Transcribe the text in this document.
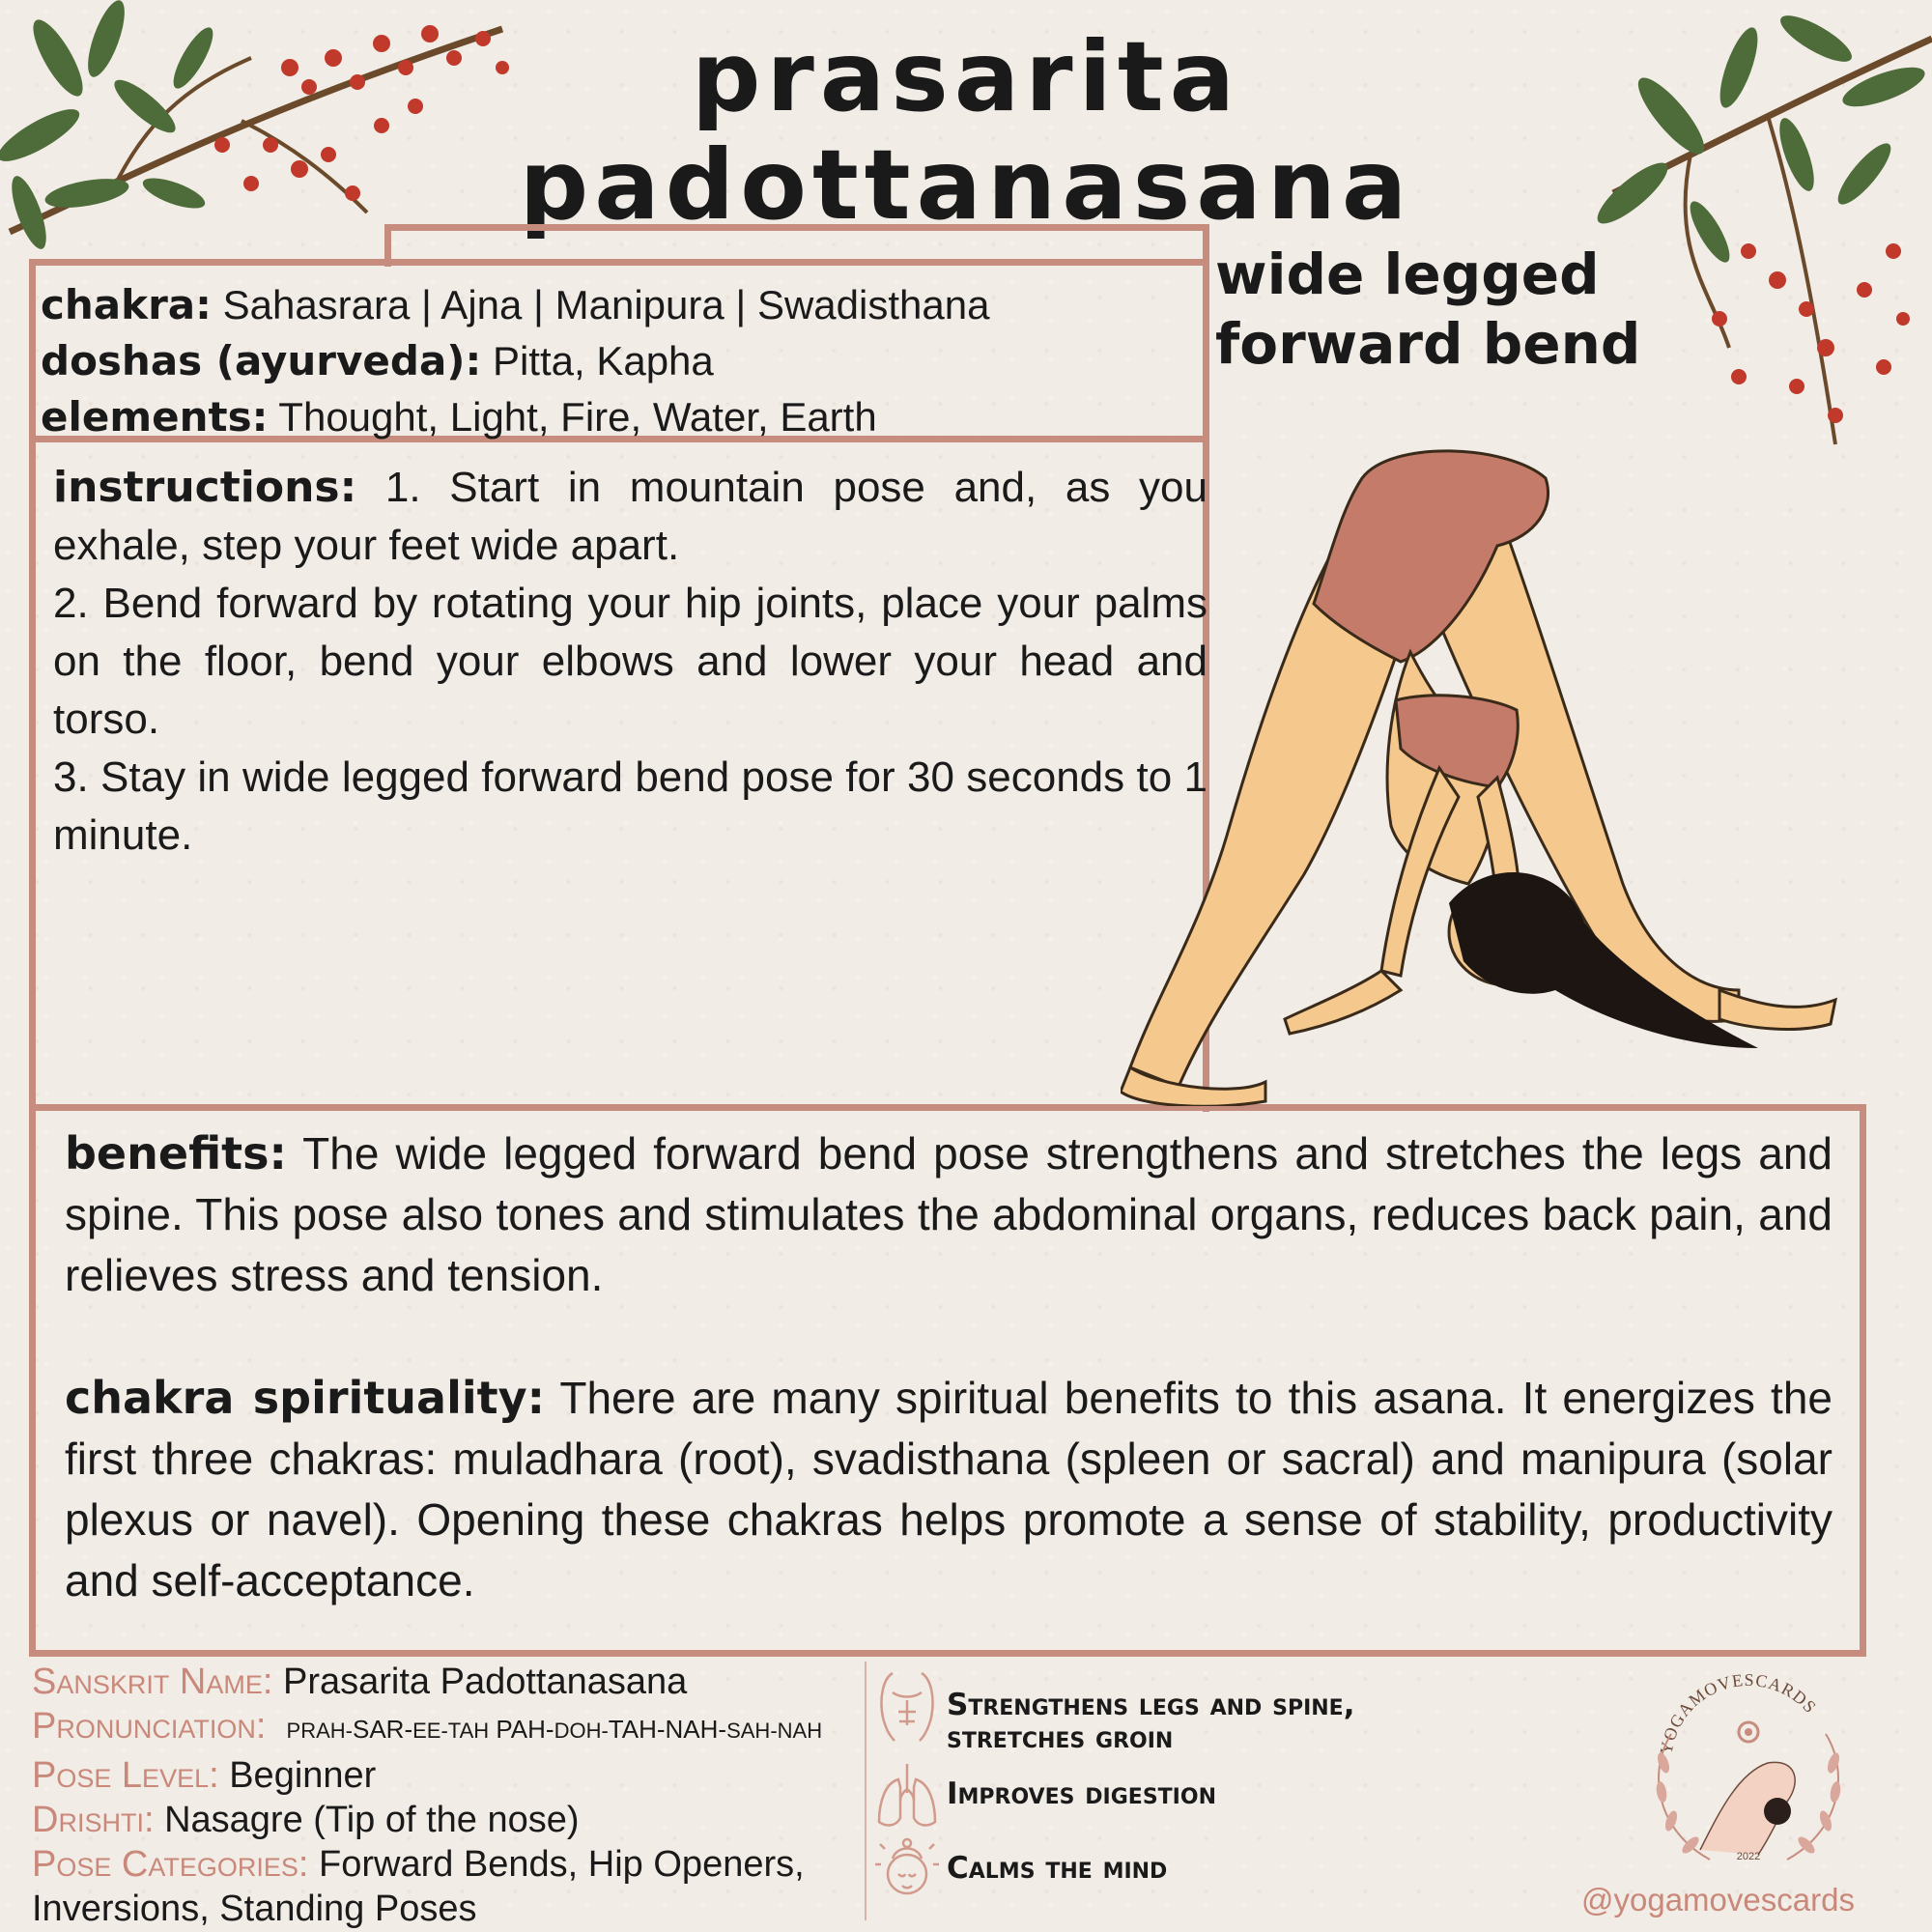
prasarita
padottanasana
wide legged
forward bend
chakra: Sahasrara | Ajna | Manipura | Swadisthana
doshas (ayurveda): Pitta, Kapha
elements: Thought, Light, Fire, Water, Earth
instructions: 1. Start in mountain pose and, as you exhale, step your feet wide apart.
2. Bend forward by rotating your hip joints, place your palms on the floor, bend your elbows and lower your head and torso.
3. Stay in wide legged forward bend pose for 30 seconds to 1 minute.
benefits: The wide legged forward bend pose strengthens and stretches the legs and spine. This pose also tones and stimulates the abdominal organs, reduces back pain, and relieves stress and tension.
chakra spirituality: There are many spiritual benefits to this asana. It energizes the first three chakras: muladhara (root), svadisthana (spleen or sacral) and manipura (solar plexus or navel). Opening these chakras helps promote a sense of stability, productivity and self-acceptance.
Sanskrit Name: Prasarita Padottanasana
Pronunciation: PRAH-SAR-EE-TAH PAH-DOH-TAH-NAH-SAH-NAH
Pose Level: Beginner
Drishti: Nasagre (Tip of the nose)
Pose Categories: Forward Bends, Hip Openers,
Inversions, Standing Poses
Strengthens legs and spine,
stretches groin
Improves digestion
Calms the mind
YOGAMOVESCARDS
2022
@yogamovescards
